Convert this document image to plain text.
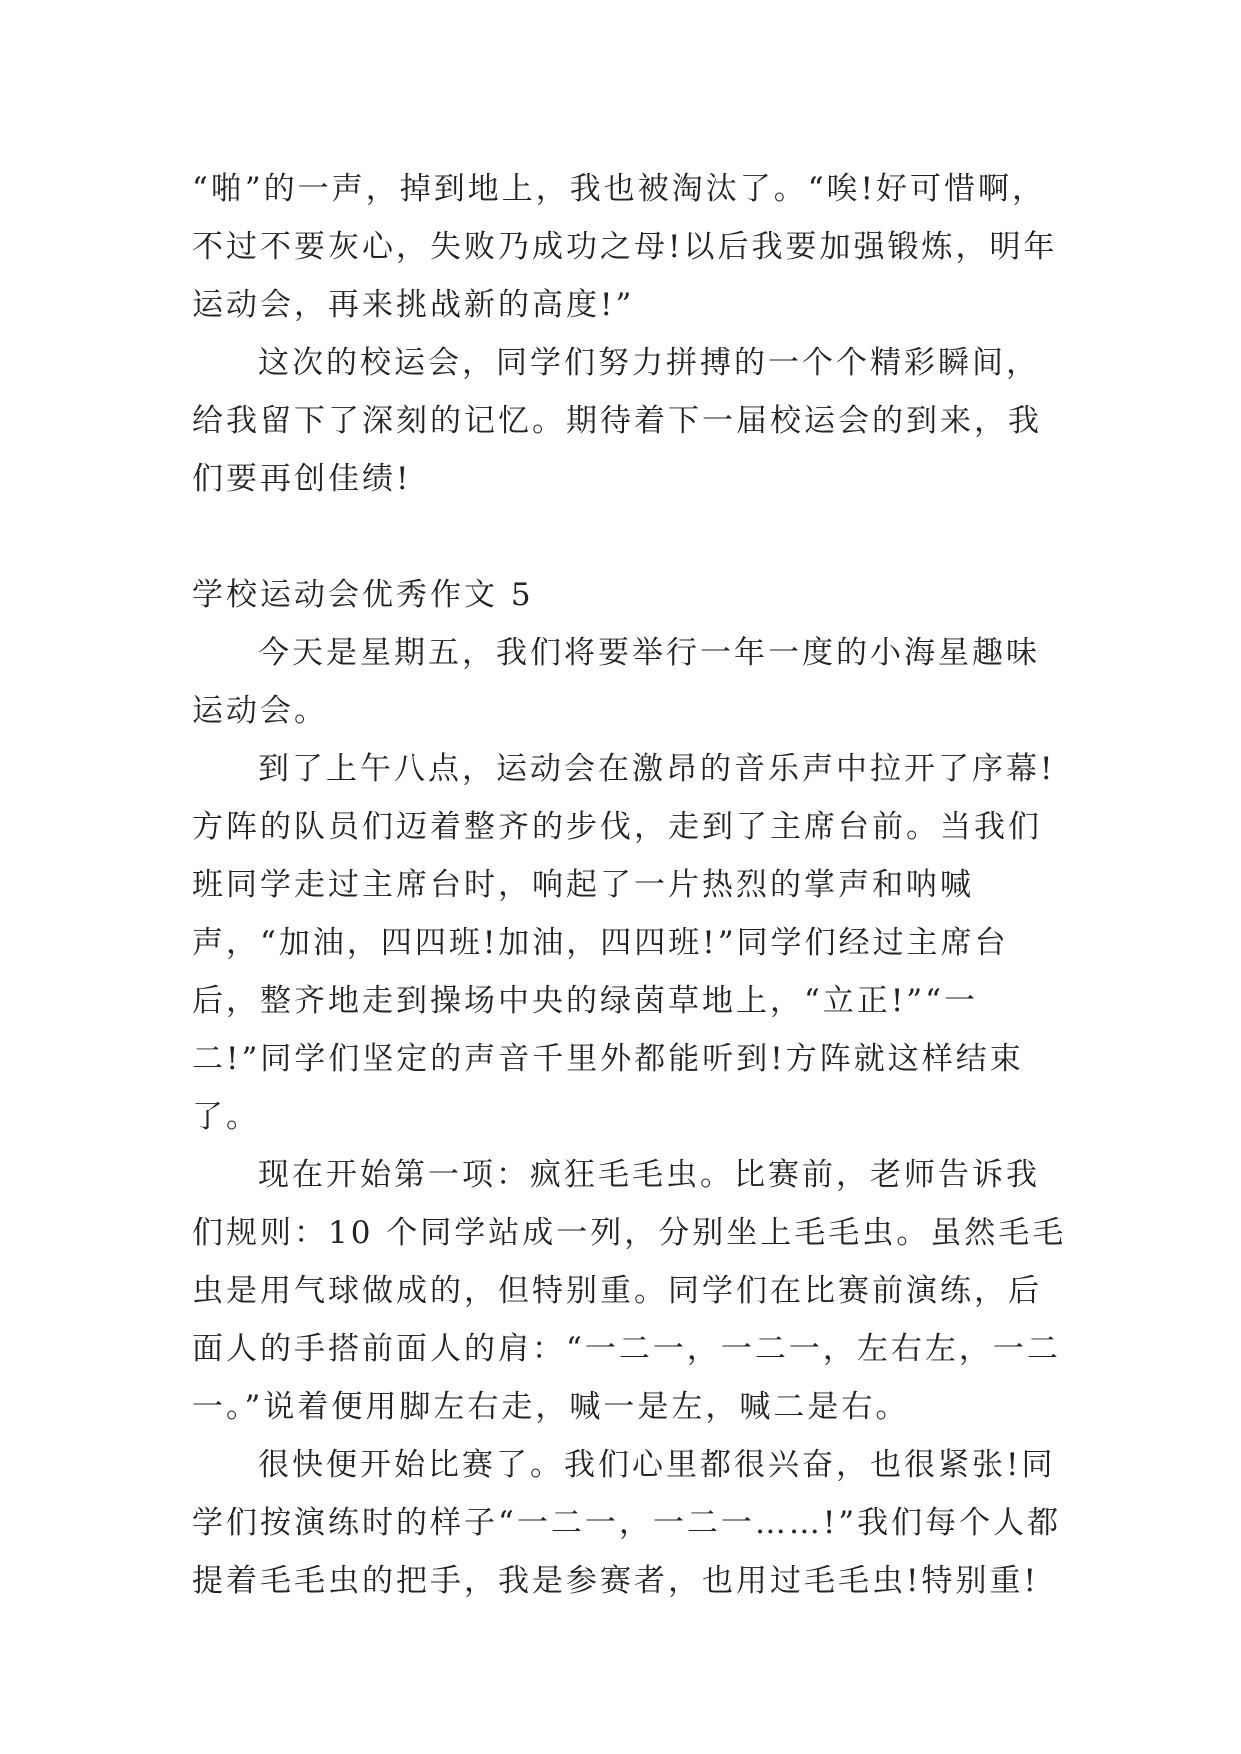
“啪”的一声，掉到地上，我也被淘汰了。“唉!好可惜啊，不过不要灰心，失败乃成功之母!以后我要加强锻炼，明年运动会，再来挑战新的高度!”

这次的校运会，同学们努力拼搏的一个个精彩瞬间，给我留下了深刻的记忆。期待着下一届校运会的到来，我们要再创佳绩!

学校运动会优秀作文 5

今天是星期五，我们将要举行一年一度的小海星趣味运动会。

到了上午八点，运动会在激昂的音乐声中拉开了序幕!方阵的队员们迈着整齐的步伐，走到了主席台前。当我们班同学走过主席台时，响起了一片热烈的掌声和呐喊声，“加油，四四班!加油，四四班!”同学们经过主席台后，整齐地走到操场中央的绿茵草地上，“立正!”“一二!”同学们坚定的声音千里外都能听到!方阵就这样结束了。

现在开始第一项：疯狂毛毛虫。比赛前，老师告诉我们规则：10 个同学站成一列，分别坐上毛毛虫。虽然毛毛虫是用气球做成的，但特别重。同学们在比赛前演练，后面人的手搭前面人的肩：“一二一，一二一，左右左，一二一。”说着便用脚左右走，喊一是左，喊二是右。

很快便开始比赛了。我们心里都很兴奋，也很紧张!同学们按演练时的样子“一二一，一二一……!”我们每个人都提着毛毛虫的把手，我是参赛者，也用过毛毛虫!特别重!
